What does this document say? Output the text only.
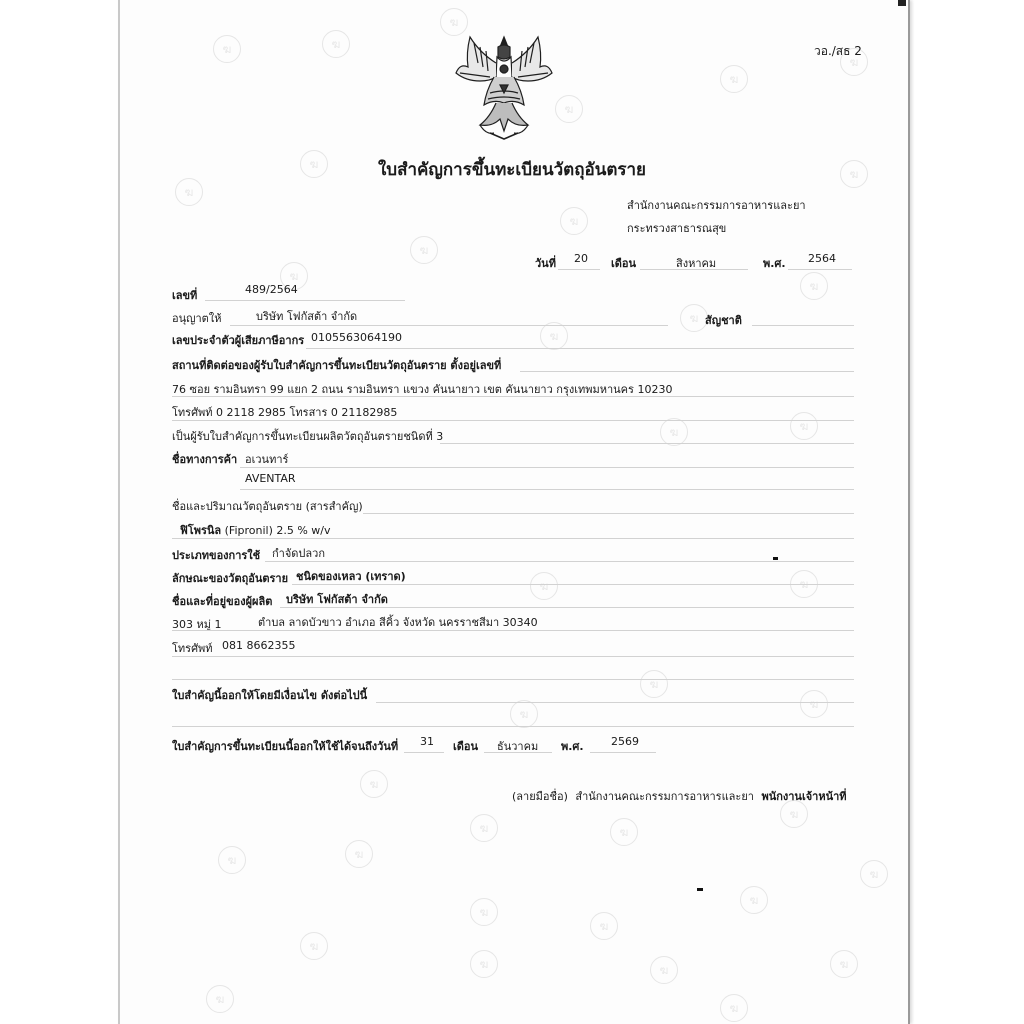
ฆ	ฆ
ฆ
ฆ
ฆ
ฆ
ฆ
ฆ
ฆ
ฆ
ฆ
ฆ
ฆ
ฆ
ฆ
ฆ
ฆ
ฆ	ฆ
ฆ
ฆ
ฆ
ฆ
ฆ	ฆ
ฆ
ฆ	ฆ
ฆ
ฆ
ฆ
ฆ
ฆ
ฆ	ฆ	ฆ
ฆ
ฆ
วอ./สธ 2
ใบสำคัญการขึ้นทะเบียนวัตถุอันตราย
สำนักงานคณะกรรมการอาหารและยา
กระทรวงสาธารณสุข
วันที่ 20 เดือน	สิงหาคม	พ.ศ. 2564
เลขที่	489/2564
อนุญาตให้	บริษัท โฟกัสต้า จำกัด	สัญชาติ
เลขประจำตัวผู้เสียภาษีอากร 0105563064190
สถานที่ติดต่อของผู้รับใบสำคัญการขึ้นทะเบียนวัตถุอันตราย ตั้งอยู่เลขที่
76 ซอย รามอินทรา 99 แยก 2 ถนน รามอินทรา แขวง คันนายาว เขต คันนายาว กรุงเทพมหานคร 10230
โทรศัพท์ 0 2118 2985 โทรสาร 0 21182985
เป็นผู้รับใบสำคัญการขึ้นทะเบียนผลิตวัตถุอันตรายชนิดที่ 3
ชื่อทางการค้า อเวนทาร์
AVENTAR
ชื่อและปริมาณวัตถุอันตราย (สารสำคัญ)
ฟิโพรนิล (Fipronil) 2.5 % w/v
ประเภทของการใช้ กำจัดปลวก
ลักษณะของวัตถุอันตราย ชนิดของเหลว (เทราด)
ชื่อและที่อยู่ของผู้ผลิต บริษัท โฟกัสต้า จำกัด
303 หมู่ 1	ตำบล ลาดบัวขาว อำเภอ สีคิ้ว จังหวัด นครราชสีมา 30340
โทรศัพท์ 081 8662355
ใบสำคัญนี้ออกให้โดยมีเงื่อนไข ดังต่อไปนี้
ใบสำคัญการขึ้นทะเบียนนี้ออกให้ใช้ได้จนถึงวันที่ 31 เดือน ธันวาคม พ.ศ. 2569
(ลายมือชื่อ) สำนักงานคณะกรรมการอาหารและยา พนักงานเจ้าหน้าที่
